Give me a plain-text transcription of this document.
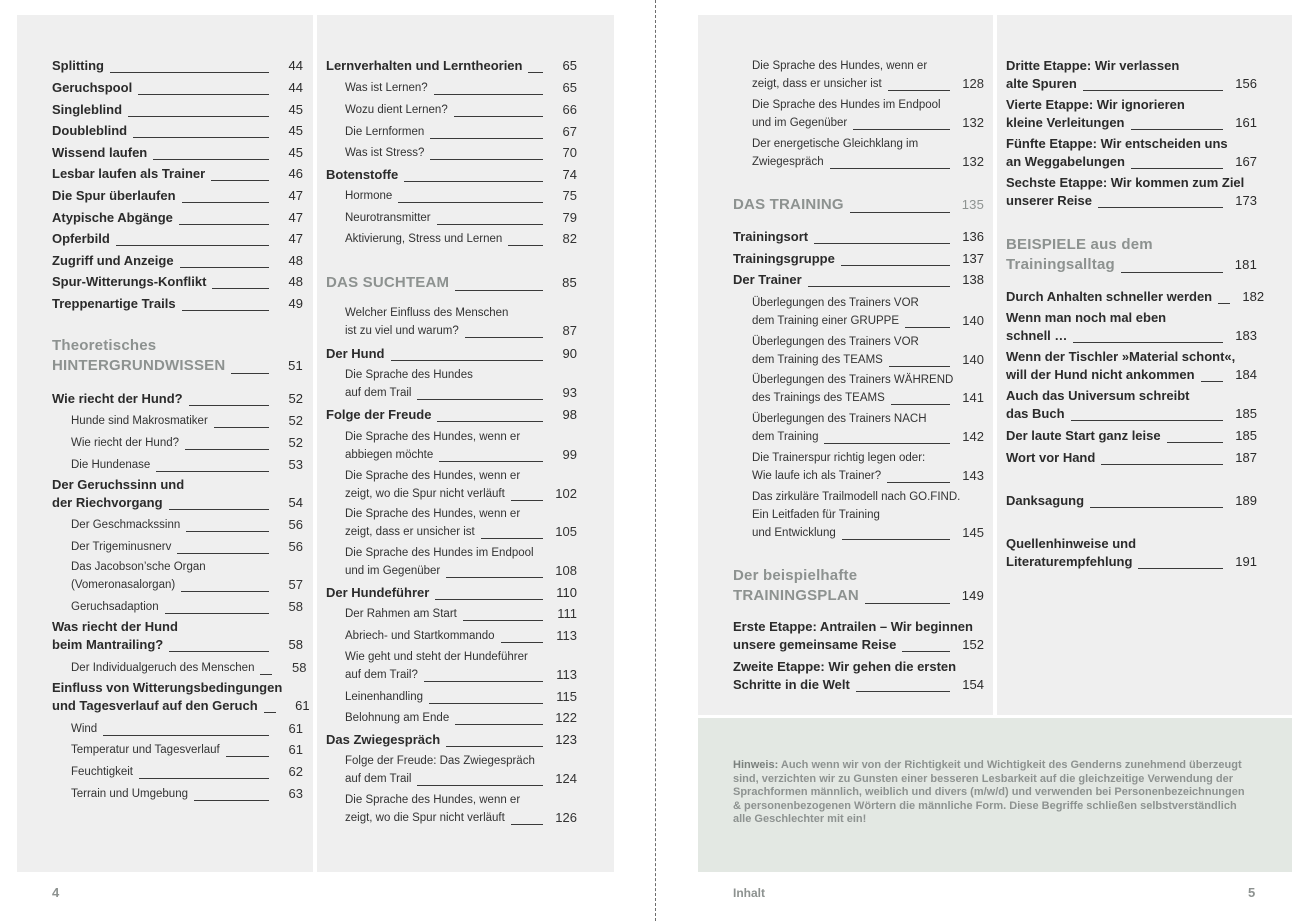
Splitting	44
Geruchspool	44
Singleblind	45
Doubleblind	45
Wissend laufen	45
Lesbar laufen als Trainer	46
Die Spur überlaufen	47
Atypische Abgänge	47
Opferbild	47
Zugriff und Anzeige	48
Spur-Witterungs-Konflikt	48
Treppenartige Trails	49
Theoretisches
HINTERGRUNDWISSEN	51
Wie riecht der Hund?	52
Hunde sind Makrosmatiker	52
Wie riecht der Hund?	52
Die Hundenase	53
Der Geruchssinn und
der Riechvorgang	54
Der Geschmackssinn	56
Der Trigeminusnerv	56
Das Jacobson’sche Organ
(Vomeronasalorgan)	57
Geruchsadaption	58
Was riecht der Hund
beim Mantrailing?	58
Der Individualgeruch des Menschen	58
Einfluss von Witterungsbedingungen
und Tagesverlauf auf den Geruch	61
Wind	61
Temperatur und Tagesverlauf	61
Feuchtigkeit	62
Terrain und Umgebung	63
Lernverhalten und Lerntheorien	65
Was ist Lernen?	65
Wozu dient Lernen?	66
Die Lernformen	67
Was ist Stress?	70
Botenstoffe	74
Hormone	75
Neurotransmitter	79
Aktivierung, Stress und Lernen	82
DAS SUCHTEAM	85
Welcher Einfluss des Menschen
ist zu viel und warum?	87
Der Hund	90
Die Sprache des Hundes
auf dem Trail	93
Folge der Freude	98
Die Sprache des Hundes, wenn er
abbiegen möchte	99
Die Sprache des Hundes, wenn er
zeigt, wo die Spur nicht verläuft	102
Die Sprache des Hundes, wenn er
zeigt, dass er unsicher ist	105
Die Sprache des Hundes im Endpool
und im Gegenüber	108
Der Hundeführer	110
Der Rahmen am Start	111
Abriech- und Startkommando	113
Wie geht und steht der Hundeführer
auf dem Trail?	113
Leinenhandling	115
Belohnung am Ende	122
Das Zwiegespräch	123
Folge der Freude: Das Zwiegespräch
auf dem Trail	124
Die Sprache des Hundes, wenn er
zeigt, wo die Spur nicht verläuft	126
Die Sprache des Hundes, wenn er
zeigt, dass er unsicher ist	128
Die Sprache des Hundes im Endpool
und im Gegenüber	132
Der energetische Gleichklang im
Zwiegespräch	132
DAS TRAINING	135
Trainingsort	136
Trainingsgruppe	137
Der Trainer	138
Überlegungen des Trainers VOR
dem Training einer GRUPPE	140
Überlegungen des Trainers VOR
dem Training des TEAMS	140
Überlegungen des Trainers WÄHREND
des Trainings des TEAMS	141
Überlegungen des Trainers NACH
dem Training	142
Die Trainerspur richtig legen oder:
Wie laufe ich als Trainer?	143
Das zirkuläre Trailmodell nach GO.FIND.
Ein Leitfaden für Training
und Entwicklung	145
Der beispielhafte
TRAININGSPLAN	149
Erste Etappe: Antrailen – Wir beginnen
unsere gemeinsame Reise	152
Zweite Etappe: Wir gehen die ersten
Schritte in die Welt	154
Dritte Etappe: Wir verlassen
alte Spuren	156
Vierte Etappe: Wir ignorieren
kleine Verleitungen	161
Fünfte Etappe: Wir entscheiden uns
an Weggabelungen	167
Sechste Etappe: Wir kommen zum Ziel
unserer Reise	173
BEISPIELE aus dem
Trainingsalltag	181
Durch Anhalten schneller werden	182
Wenn man noch mal eben
schnell …	183
Wenn der Tischler »Material schont«,
will der Hund nicht ankommen	184
Auch das Universum schreibt
das Buch	185
Der laute Start ganz leise	185
Wort vor Hand	187
Danksagung	189
Quellenhinweise und
Literaturempfehlung	191
Hinweis: Auch wenn wir von der Richtigkeit und Wichtigkeit des Genderns zunehmend überzeugt sind, verzichten wir zu Gunsten einer besseren Lesbarkeit auf die gleichzeitige Verwendung der Sprachformen männlich, weiblich und divers (m/w/d) und verwenden bei Personenbezeichnungen & personenbezogenen Wörtern die männliche Form. Diese Begriffe schließen selbstverständlich alle Geschlechter mit ein!
4	Inhalt	5
